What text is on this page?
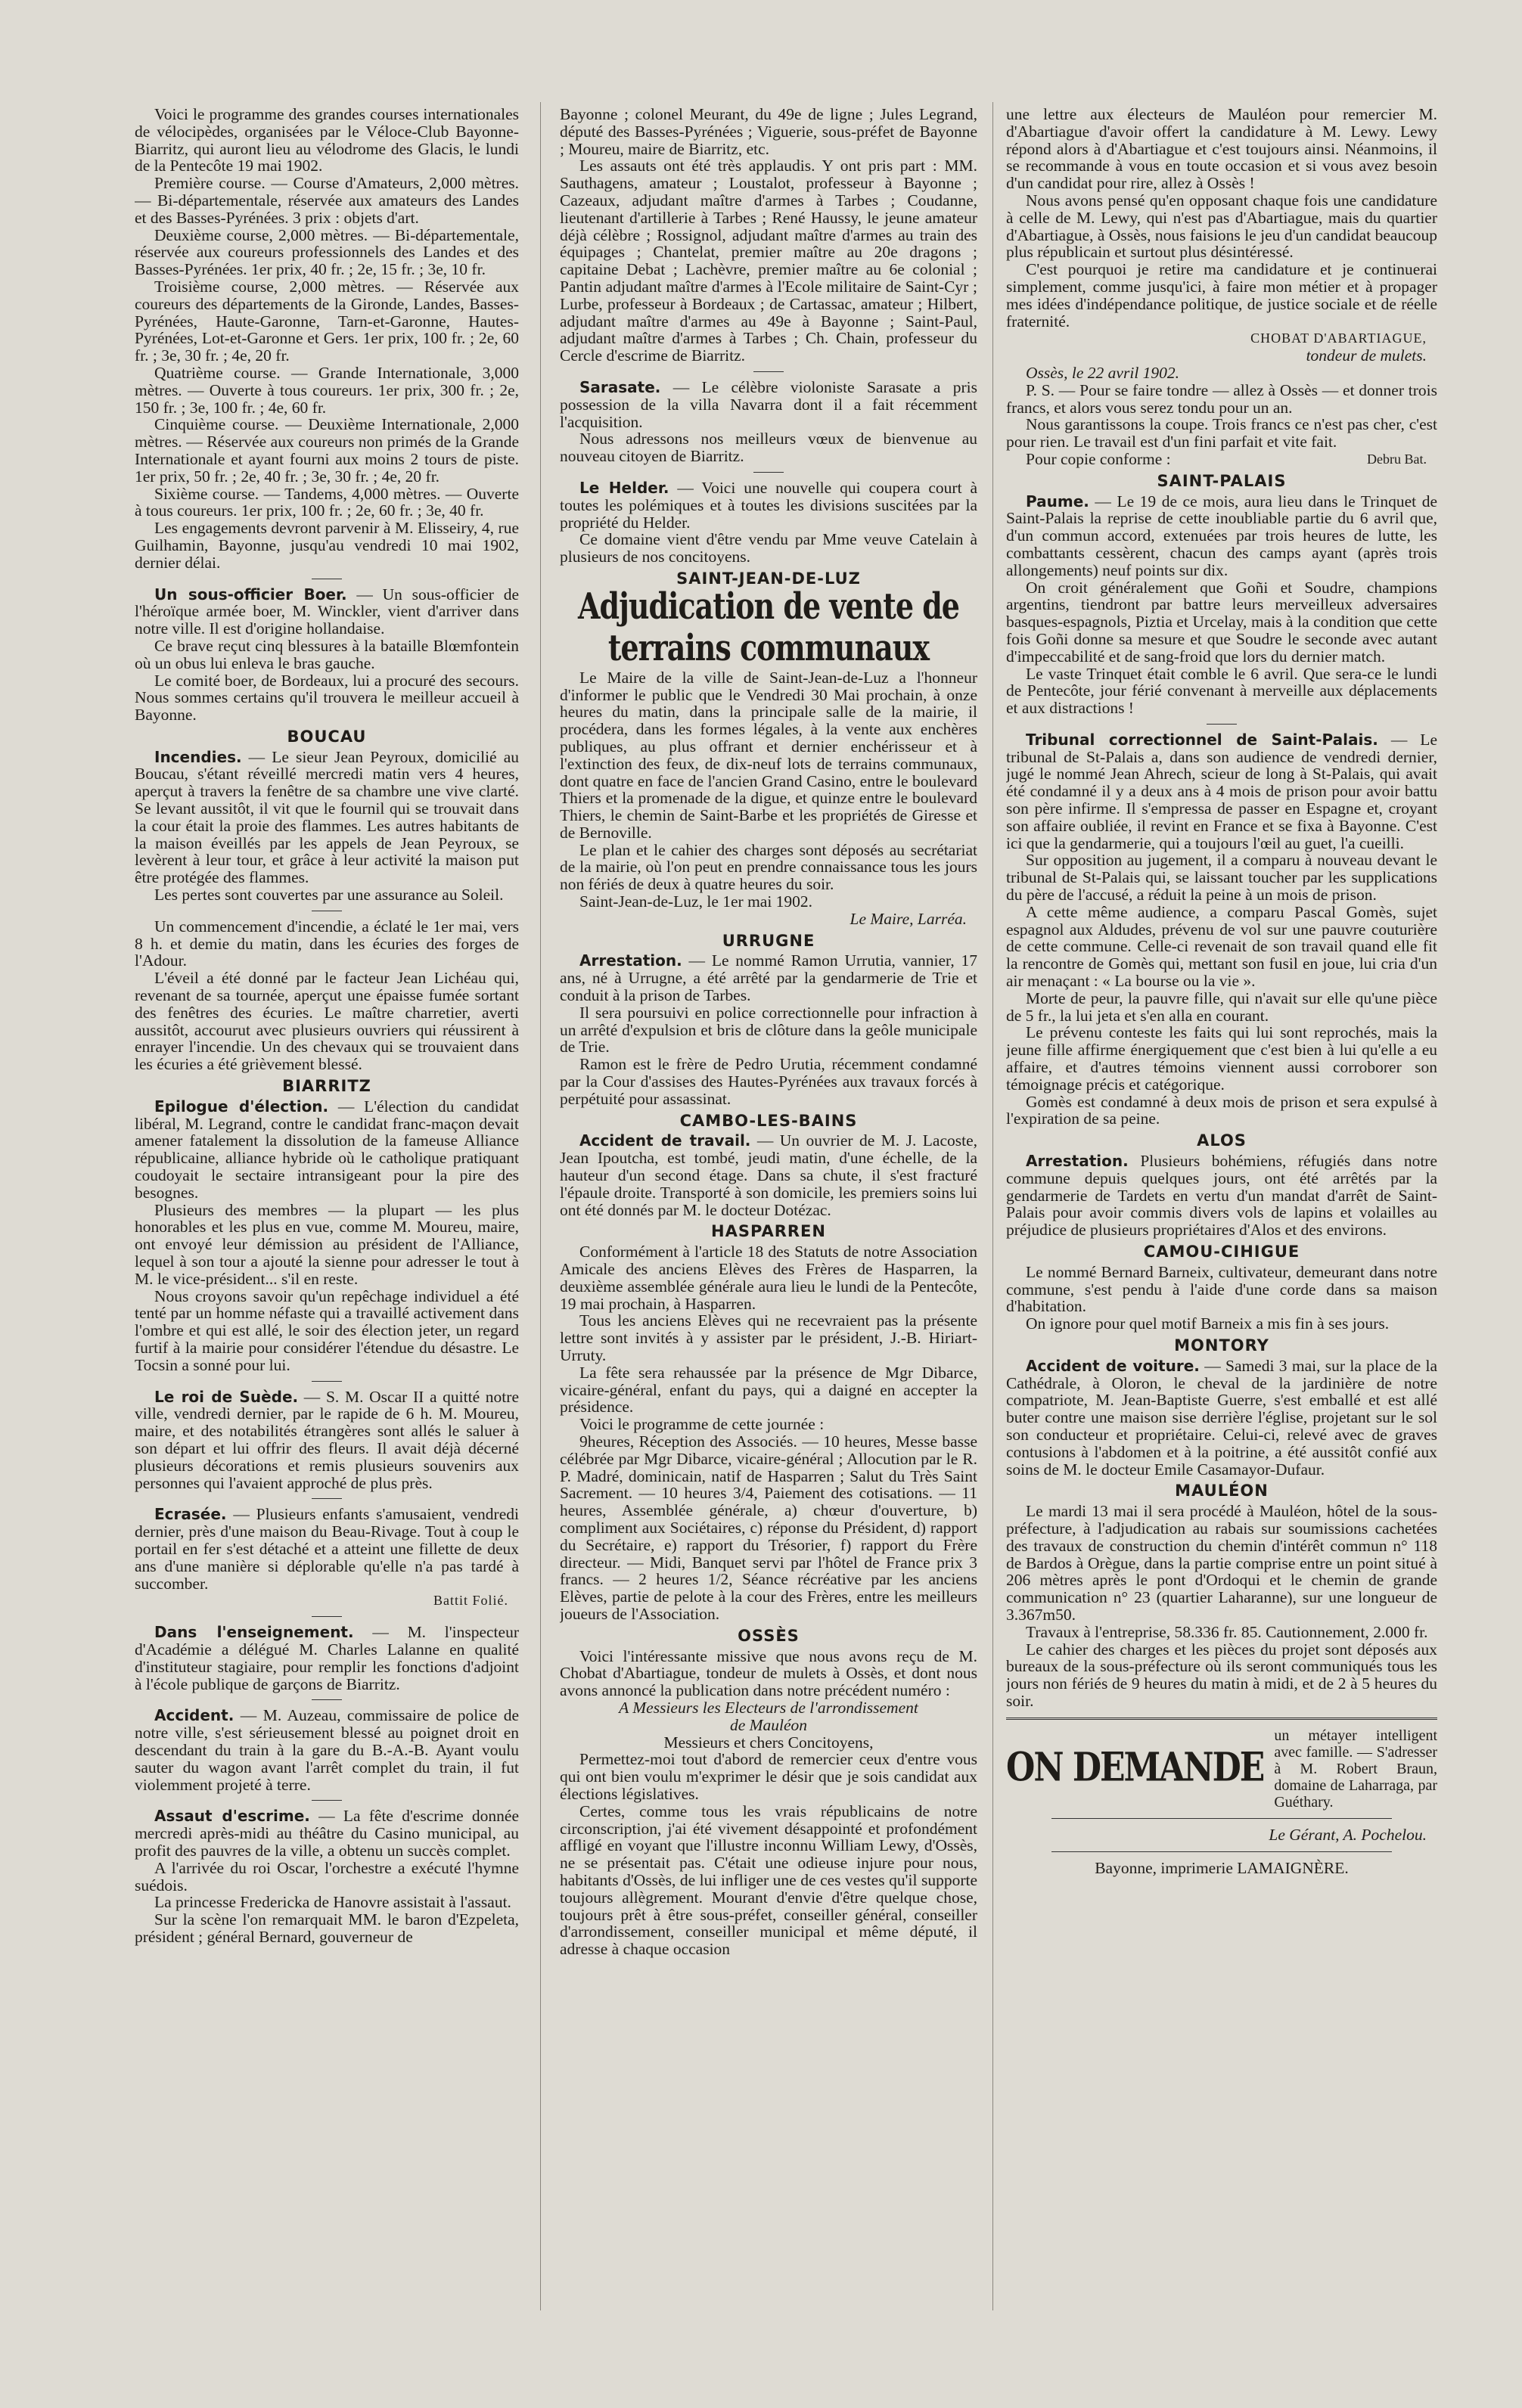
Voici le programme des grandes courses internationales de vélocipèdes, organisées par le Véloce-Club Bayonne-Biarritz, qui auront lieu au vélodrome des Glacis, le lundi de la Pentecôte 19 mai 1902.

Première course. — Course d'Amateurs, 2,000 mètres. — Bi-départementale, réservée aux amateurs des Landes et des Basses-Pyrénées. 3 prix : objets d'art.

Deuxième course, 2,000 mètres. — Bi-départementale, réservée aux coureurs professionnels des Landes et des Basses-Pyrénées. 1er prix, 40 fr. ; 2e, 15 fr. ; 3e, 10 fr.

Troisième course, 2,000 mètres. — Réservée aux coureurs des départements de la Gironde, Landes, Basses-Pyrénées, Haute-Garonne, Tarn-et-Garonne, Hautes-Pyrénées, Lot-et-Garonne et Gers. 1er prix, 100 fr. ; 2e, 60 fr. ; 3e, 30 fr. ; 4e, 20 fr.

Quatrième course. — Grande Internationale, 3,000 mètres. — Ouverte à tous coureurs. 1er prix, 300 fr. ; 2e, 150 fr. ; 3e, 100 fr. ; 4e, 60 fr.

Cinquième course. — Deuxième Internationale, 2,000 mètres. — Réservée aux coureurs non primés de la Grande Internationale et ayant fourni aux moins 2 tours de piste. 1er prix, 50 fr. ; 2e, 40 fr. ; 3e, 30 fr. ; 4e, 20 fr.

Sixième course. — Tandems, 4,000 mètres. — Ouverte à tous coureurs. 1er prix, 100 fr. ; 2e, 60 fr. ; 3e, 40 fr.

Les engagements devront parvenir à M. Elisseiry, 4, rue Guilhamin, Bayonne, jusqu'au vendredi 10 mai 1902, dernier délai.

Un sous-officier Boer. — Un sous-officier de l'héroïque armée boer, M. Winckler, vient d'arriver dans notre ville. Il est d'origine hollandaise.

Ce brave reçut cinq blessures à la bataille Blœmfontein où un obus lui enleva le bras gauche.

Le comité boer, de Bordeaux, lui a procuré des secours. Nous sommes certains qu'il trouvera le meilleur accueil à Bayonne.

BOUCAU

Incendies. — Le sieur Jean Peyroux, domicilié au Boucau, s'étant réveillé mercredi matin vers 4 heures, aperçut à travers la fenêtre de sa chambre une vive clarté. Se levant aussitôt, il vit que le fournil qui se trouvait dans la cour était la proie des flammes. Les autres habitants de la maison éveillés par les appels de Jean Peyroux, se levèrent à leur tour, et grâce à leur activité la maison put être protégée des flammes.

Les pertes sont couvertes par une assurance au Soleil.

Un commencement d'incendie, a éclaté le 1er mai, vers 8 h. et demie du matin, dans les écuries des forges de l'Adour.

L'éveil a été donné par le facteur Jean Lichéau qui, revenant de sa tournée, aperçut une épaisse fumée sortant des fenêtres des écuries. Le maître charretier, averti aussitôt, accourut avec plusieurs ouvriers qui réussirent à enrayer l'incendie. Un des chevaux qui se trouvaient dans les écuries a été grièvement blessé.

BIARRITZ

Epilogue d'élection. — L'élection du candidat libéral, M. Legrand, contre le candidat franc-maçon devait amener fatalement la dissolution de la fameuse Alliance républicaine, alliance hybride où le catholique pratiquant coudoyait le sectaire intransigeant pour la pire des besognes.

Plusieurs des membres — la plupart — les plus honorables et les plus en vue, comme M. Moureu, maire, ont envoyé leur démission au président de l'Alliance, lequel à son tour a ajouté la sienne pour adresser le tout à M. le vice-président... s'il en reste.

Nous croyons savoir qu'un repêchage individuel a été tenté par un homme néfaste qui a travaillé activement dans l'ombre et qui est allé, le soir des élection jeter, un regard furtif à la mairie pour considérer l'étendue du désastre. Le Tocsin a sonné pour lui.

Le roi de Suède. — S. M. Oscar II a quitté notre ville, vendredi dernier, par le rapide de 6 h. M. Moureu, maire, et des notabilités étrangères sont allés le saluer à son départ et lui offrir des fleurs. Il avait déjà décerné plusieurs décorations et remis plusieurs souvenirs aux personnes qui l'avaient approché de plus près.

Ecrasée. — Plusieurs enfants s'amusaient, vendredi dernier, près d'une maison du Beau-Rivage. Tout à coup le portail en fer s'est détaché et a atteint une fillette de deux ans d'une manière si déplorable qu'elle n'a pas tardé à succomber.

Battit Folié.

Dans l'enseignement. — M. l'inspecteur d'Académie a délégué M. Charles Lalanne en qualité d'instituteur stagiaire, pour remplir les fonctions d'adjoint à l'école publique de garçons de Biarritz.

Accident. — M. Auzeau, commissaire de police de notre ville, s'est sérieusement blessé au poignet droit en descendant du train à la gare du B.-A.-B. Ayant voulu sauter du wagon avant l'arrêt complet du train, il fut violemment projeté à terre.

Assaut d'escrime. — La fête d'escrime donnée mercredi après-midi au théâtre du Casino municipal, au profit des pauvres de la ville, a obtenu un succès complet.

A l'arrivée du roi Oscar, l'orchestre a exécuté l'hymne suédois.

La princesse Fredericka de Hanovre assistait à l'assaut.

Sur la scène l'on remarquait MM. le baron d'Ezpeleta, président ; général Bernard, gouverneur de

Bayonne ; colonel Meurant, du 49e de ligne ; Jules Legrand, député des Basses-Pyrénées ; Viguerie, sous-préfet de Bayonne ; Moureu, maire de Biarritz, etc.

Les assauts ont été très applaudis. Y ont pris part : MM. Sauthagens, amateur ; Loustalot, professeur à Bayonne ; Cazeaux, adjudant maître d'armes à Tarbes ; Coudanne, lieutenant d'artillerie à Tarbes ; René Haussy, le jeune amateur déjà célèbre ; Rossignol, adjudant maître d'armes au train des équipages ; Chantelat, premier maître au 20e dragons ; capitaine Debat ; Lachèvre, premier maître au 6e colonial ; Pantin adjudant maître d'armes à l'Ecole militaire de Saint-Cyr ; Lurbe, professeur à Bordeaux ; de Cartassac, amateur ; Hilbert, adjudant maître d'armes au 49e à Bayonne ; Saint-Paul, adjudant maître d'armes à Tarbes ; Ch. Chain, professeur du Cercle d'escrime de Biarritz.

Sarasate. — Le célèbre violoniste Sarasate a pris possession de la villa Navarra dont il a fait récemment l'acquisition.

Nous adressons nos meilleurs vœux de bienvenue au nouveau citoyen de Biarritz.

Le Helder. — Voici une nouvelle qui coupera court à toutes les polémiques et à toutes les divisions suscitées par la propriété du Helder.

Ce domaine vient d'être vendu par Mme veuve Catelain à plusieurs de nos concitoyens.

SAINT-JEAN-DE-LUZ
Adjudication de vente de terrains communaux

Le Maire de la ville de Saint-Jean-de-Luz a l'honneur d'informer le public que le Vendredi 30 Mai prochain, à onze heures du matin, dans la principale salle de la mairie, il procédera, dans les formes légales, à la vente aux enchères publiques, au plus offrant et dernier enchérisseur et à l'extinction des feux, de dix-neuf lots de terrains communaux, dont quatre en face de l'ancien Grand Casino, entre le boulevard Thiers et la promenade de la digue, et quinze entre le boulevard Thiers, le chemin de Saint-Barbe et les propriétés de Giresse et de Bernoville.

Le plan et le cahier des charges sont déposés au secrétariat de la mairie, où l'on peut en prendre connaissance tous les jours non fériés de deux à quatre heures du soir.

Saint-Jean-de-Luz, le 1er mai 1902.

Le Maire, Larréa.
URRUGNE

Arrestation. — Le nommé Ramon Urrutia, vannier, 17 ans, né à Urrugne, a été arrêté par la gendarmerie de Trie et conduit à la prison de Tarbes.

Il sera poursuivi en police correctionnelle pour infraction à un arrêté d'expulsion et bris de clôture dans la geôle municipale de Trie.

Ramon est le frère de Pedro Urutia, récemment condamné par la Cour d'assises des Hautes-Pyrénées aux travaux forcés à perpétuité pour assassinat.

CAMBO-LES-BAINS

Accident de travail. — Un ouvrier de M. J. Lacoste, Jean Ipoutcha, est tombé, jeudi matin, d'une échelle, de la hauteur d'un second étage. Dans sa chute, il s'est fracturé l'épaule droite. Transporté à son domicile, les premiers soins lui ont été donnés par M. le docteur Dotézac.

HASPARREN

Conformément à l'article 18 des Statuts de notre Association Amicale des anciens Elèves des Frères de Hasparren, la deuxième assemblée générale aura lieu le lundi de la Pentecôte, 19 mai prochain, à Hasparren.

Tous les anciens Elèves qui ne recevraient pas la présente lettre sont invités à y assister par le président, J.-B. Hiriart-Urruty.

La fête sera rehaussée par la présence de Mgr Dibarce, vicaire-général, enfant du pays, qui a daigné en accepter la présidence.

Voici le programme de cette journée :

9heures, Réception des Associés. — 10 heures, Messe basse célébrée par Mgr Dibarce, vicaire-général ; Allocution par le R. P. Madré, dominicain, natif de Hasparren ; Salut du Très Saint Sacrement. — 10 heures 3/4, Paiement des cotisations. — 11 heures, Assemblée générale, a) chœur d'ouverture, b) compliment aux Sociétaires, c) réponse du Président, d) rapport du Secrétaire, e) rapport du Trésorier, f) rapport du Frère directeur. — Midi, Banquet servi par l'hôtel de France prix 3 francs. — 2 heures 1/2, Séance récréative par les anciens Elèves, partie de pelote à la cour des Frères, entre les meilleurs joueurs de l'Association.

OSSÈS

Voici l'intéressante missive que nous avons reçu de M. Chobat d'Abartiague, tondeur de mulets à Ossès, et dont nous avons annoncé la publication dans notre précédent numéro :

A Messieurs les Electeurs de l'arrondissement
de Mauléon
Messieurs et chers Concitoyens,

Permettez-moi tout d'abord de remercier ceux d'entre vous qui ont bien voulu m'exprimer le désir que je sois candidat aux élections législatives.

Certes, comme tous les vrais républicains de notre circonscription, j'ai été vivement désappointé et profondément affligé en voyant que l'illustre inconnu William Lewy, d'Ossès, ne se présentait pas. C'était une odieuse injure pour nous, habitants d'Ossès, de lui infliger une de ces vestes qu'il supporte toujours allègrement. Mourant d'envie d'être quelque chose, toujours prêt à être sous-préfet, conseiller général, conseiller d'arrondissement, conseiller municipal et même député, il adresse à chaque occasion

une lettre aux électeurs de Mauléon pour remercier M. d'Abartiague d'avoir offert la candidature à M. Lewy. Lewy répond alors à d'Abartiague et c'est toujours ainsi. Néanmoins, il se recommande à vous en toute occasion et si vous avez besoin d'un candidat pour rire, allez à Ossès !

Nous avons pensé qu'en opposant chaque fois une candidature à celle de M. Lewy, qui n'est pas d'Abartiague, mais du quartier d'Abartiague, à Ossès, nous faisions le jeu d'un candidat beaucoup plus républicain et surtout plus désintéressé.

C'est pourquoi je retire ma candidature et je continuerai simplement, comme jusqu'ici, à faire mon métier et à propager mes idées d'indépendance politique, de justice sociale et de réelle fraternité.

CHOBAT D'ABARTIAGUE,
tondeur de mulets.

Ossès, le 22 avril 1902.

P. S. — Pour se faire tondre — allez à Ossès — et donner trois francs, et alors vous serez tondu pour un an.

Nous garantissons la coupe. Trois francs ce n'est pas cher, c'est pour rien. Le travail est d'un fini parfait et vite fait.

Pour copie conforme :	Debru Bat.

SAINT-PALAIS

Paume. — Le 19 de ce mois, aura lieu dans le Trinquet de Saint-Palais la reprise de cette inoubliable partie du 6 avril que, d'un commun accord, extenuées par trois heures de lutte, les combattants cessèrent, chacun des camps ayant (après trois allongements) neuf points sur dix.

On croit généralement que Goñi et Soudre, champions argentins, tiendront par battre leurs merveilleux adversaires basques-espagnols, Piztia et Urcelay, mais à la condition que cette fois Goñi donne sa mesure et que Soudre le seconde avec autant d'impeccabilité et de sang-froid que lors du dernier match.

Le vaste Trinquet était comble le 6 avril. Que sera-ce le lundi de Pentecôte, jour férié convenant à merveille aux déplacements et aux distractions !

Tribunal correctionnel de Saint-Palais. — Le tribunal de St-Palais a, dans son audience de vendredi dernier, jugé le nommé Jean Ahrech, scieur de long à St-Palais, qui avait été condamné il y a deux ans à 4 mois de prison pour avoir battu son père infirme. Il s'empressa de passer en Espagne et, croyant son affaire oubliée, il revint en France et se fixa à Bayonne. C'est ici que la gendarmerie, qui a toujours l'œil au guet, l'a cueilli.

Sur opposition au jugement, il a comparu à nouveau devant le tribunal de St-Palais qui, se laissant toucher par les supplications du père de l'accusé, a réduit la peine à un mois de prison.

A cette même audience, a comparu Pascal Gomès, sujet espagnol aux Aldudes, prévenu de vol sur une pauvre couturière de cette commune. Celle-ci revenait de son travail quand elle fit la rencontre de Gomès qui, mettant son fusil en joue, lui cria d'un air menaçant : « La bourse ou la vie ».

Morte de peur, la pauvre fille, qui n'avait sur elle qu'une pièce de 5 fr., la lui jeta et s'en alla en courant.

Le prévenu conteste les faits qui lui sont reprochés, mais la jeune fille affirme énergiquement que c'est bien à lui qu'elle a eu affaire, et d'autres témoins viennent aussi corroborer son témoignage précis et catégorique.

Gomès est condamné à deux mois de prison et sera expulsé à l'expiration de sa peine.

ALOS

Arrestation. Plusieurs bohémiens, réfugiés dans notre commune depuis quelques jours, ont été arrêtés par la gendarmerie de Tardets en vertu d'un mandat d'arrêt de Saint-Palais pour avoir commis divers vols de lapins et volailles au préjudice de plusieurs propriétaires d'Alos et des environs.

CAMOU-CIHIGUE

Le nommé Bernard Barneix, cultivateur, demeurant dans notre commune, s'est pendu à l'aide d'une corde dans sa maison d'habitation.

On ignore pour quel motif Barneix a mis fin à ses jours.

MONTORY

Accident de voiture. — Samedi 3 mai, sur la place de la Cathédrale, à Oloron, le cheval de la jardinière de notre compatriote, M. Jean-Baptiste Guerre, s'est emballé et est allé buter contre une maison sise derrière l'église, projetant sur le sol son conducteur et propriétaire. Celui-ci, relevé avec de graves contusions à l'abdomen et à la poitrine, a été aussitôt confié aux soins de M. le docteur Emile Casamayor-Dufaur.

MAULÉON

Le mardi 13 mai il sera procédé à Mauléon, hôtel de la sous-préfecture, à l'adjudication au rabais sur soumissions cachetées des travaux de construction du chemin d'intérêt commun n° 118 de Bardos à Orègue, dans la partie comprise entre un point situé à 206 mètres après le pont d'Ordoqui et le chemin de grande communication n° 23 (quartier Laharanne), sur une longueur de 3.367m50.

Travaux à l'entreprise, 58.336 fr. 85. Cautionnement, 2.000 fr.

Le cahier des charges et les pièces du projet sont déposés aux bureaux de la sous-préfecture où ils seront communiqués tous les jours non fériés de 9 heures du matin à midi, et de 2 à 5 heures du soir.

ON DEMANDE
un métayer intelligent avec famille. — S'adresser à M. Robert Braun, domaine de Laharraga, par Guéthary.
Le Gérant, A. Pochelou.
Bayonne, imprimerie LAMAIGNÈRE.
